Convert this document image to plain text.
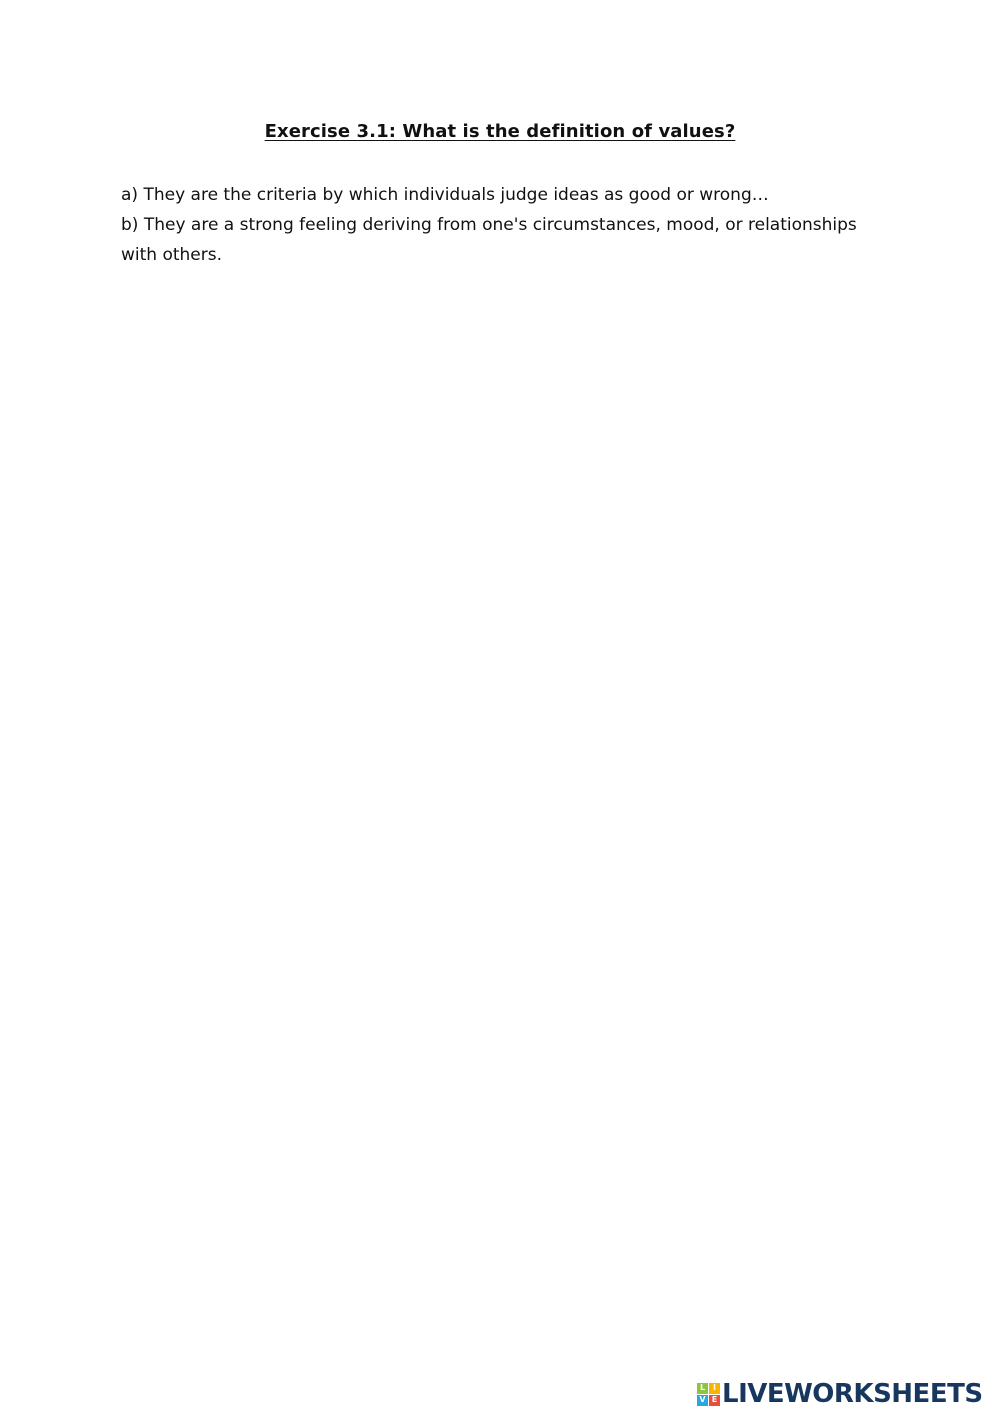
Exercise 3.1: What is the definition of values?

a) They are the criteria by which individuals judge ideas as good or wrong…

b) They are a strong feeling deriving from one's circumstances, mood, or relationships
with others.

L I
V E LIVEWORKSHEETS
